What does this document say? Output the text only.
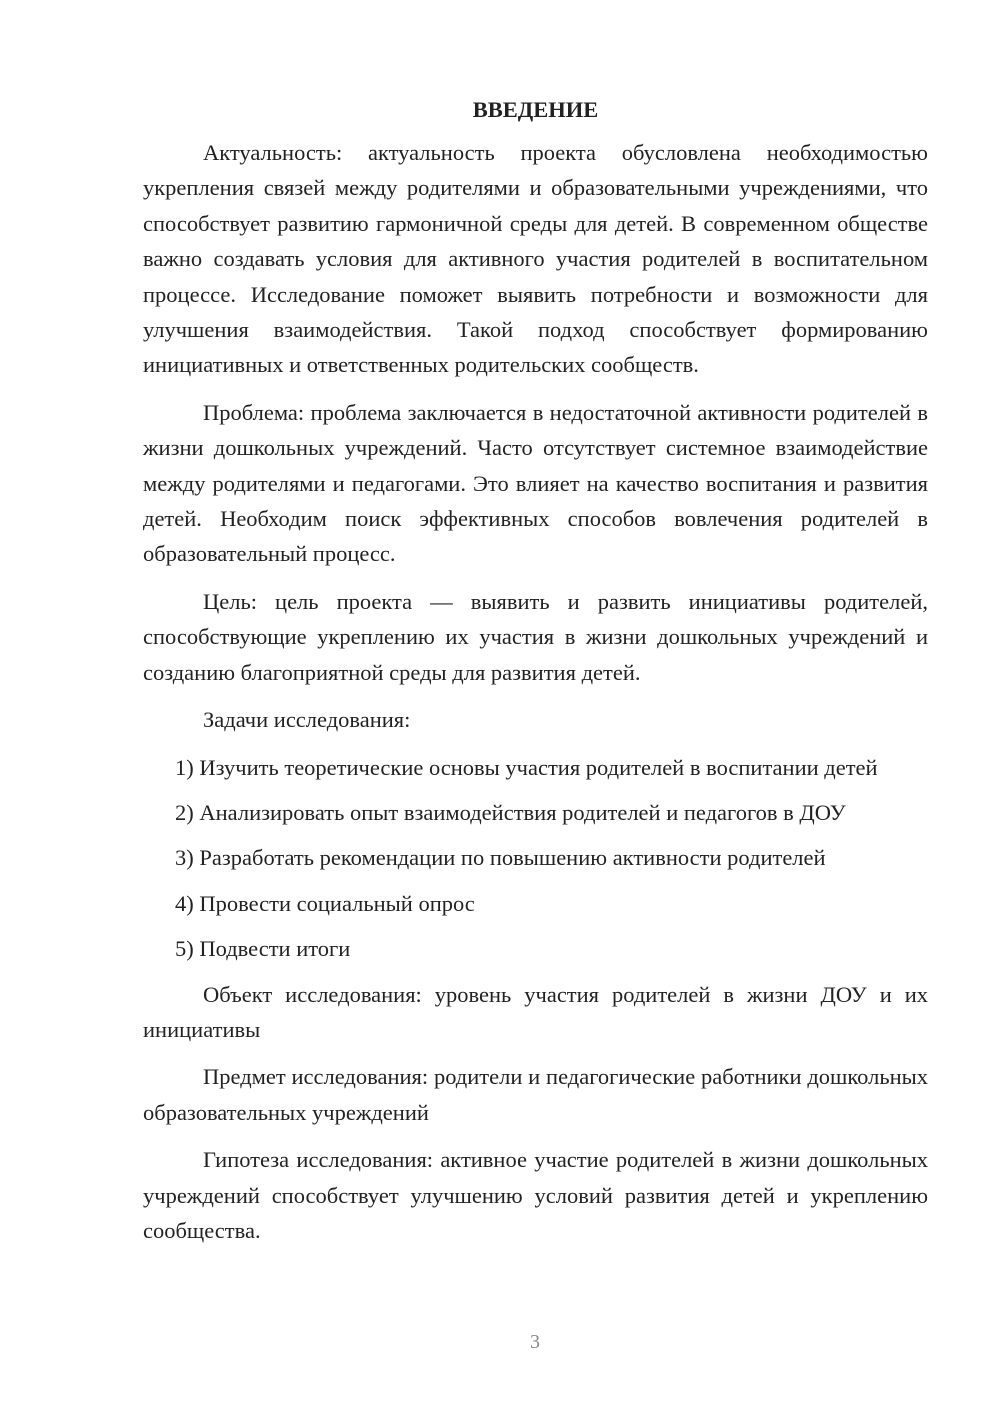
ВВЕДЕНИЕ

Актуальность: актуальность проекта обусловлена необходимостью укрепления связей между родителями и образовательными учреждениями, что способствует развитию гармоничной среды для детей. В современном обществе важно создавать условия для активного участия родителей в воспитательном процессе. Исследование поможет выявить потребности и возможности для улучшения взаимодействия. Такой подход способствует формированию инициативных и ответственных родительских сообществ.

Проблема: проблема заключается в недостаточной активности родителей в жизни дошкольных учреждений. Часто отсутствует системное взаимодействие между родителями и педагогами. Это влияет на качество воспитания и развития детей. Необходим поиск эффективных способов вовлечения родителей в образовательный процесс.

Цель: цель проекта — выявить и развить инициативы родителей, способствующие укреплению их участия в жизни дошкольных учреждений и созданию благоприятной среды для развития детей.

Задачи исследования:

1) Изучить теоретические основы участия родителей в воспитании детей

2) Анализировать опыт взаимодействия родителей и педагогов в ДОУ

3) Разработать рекомендации по повышению активности родителей

4) Провести социальный опрос

5) Подвести итоги

Объект исследования: уровень участия родителей в жизни ДОУ и их инициативы

Предмет исследования: родители и педагогические работники дошкольных образовательных учреждений

Гипотеза исследования: активное участие родителей в жизни дошкольных учреждений способствует улучшению условий развития детей и укреплению сообщества.

3
